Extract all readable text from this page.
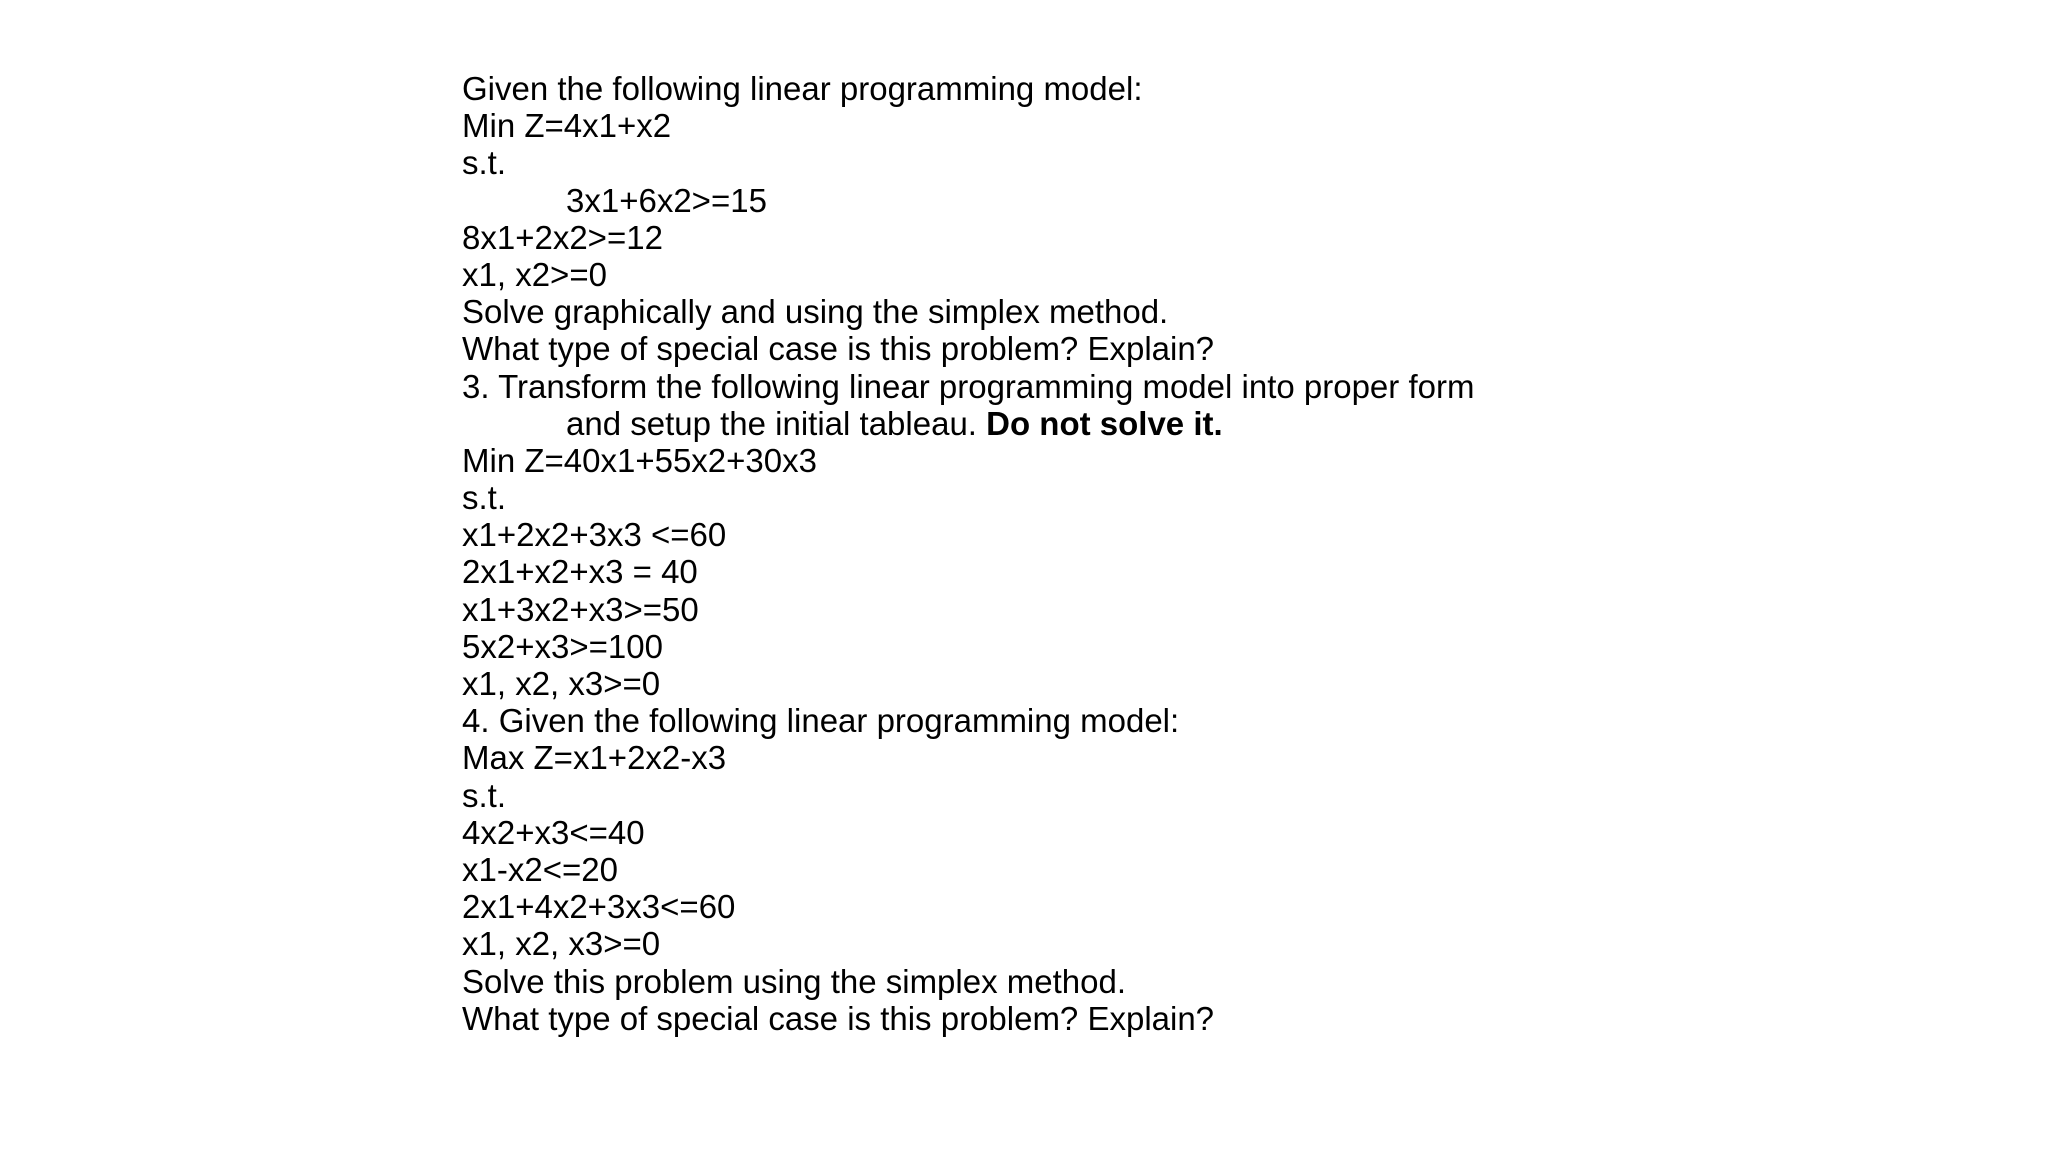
Given the following linear programming model:

Min Z=4x1+x2

s.t.

3x1+6x2>=15

8x1+2x2>=12

x1, x2>=0

Solve graphically and using the simplex method.

What type of special case is this problem? Explain?

3. Transform the following linear programming model into proper form

and setup the initial tableau. Do not solve it.

Min Z=40x1+55x2+30x3

s.t.

x1+2x2+3x3 <=60

2x1+x2+x3 = 40

x1+3x2+x3>=50

5x2+x3>=100

x1, x2, x3>=0

4. Given the following linear programming model:

Max Z=x1+2x2-x3

s.t.

4x2+x3<=40

x1-x2<=20

2x1+4x2+3x3<=60

x1, x2, x3>=0

Solve this problem using the simplex method.

What type of special case is this problem? Explain?
